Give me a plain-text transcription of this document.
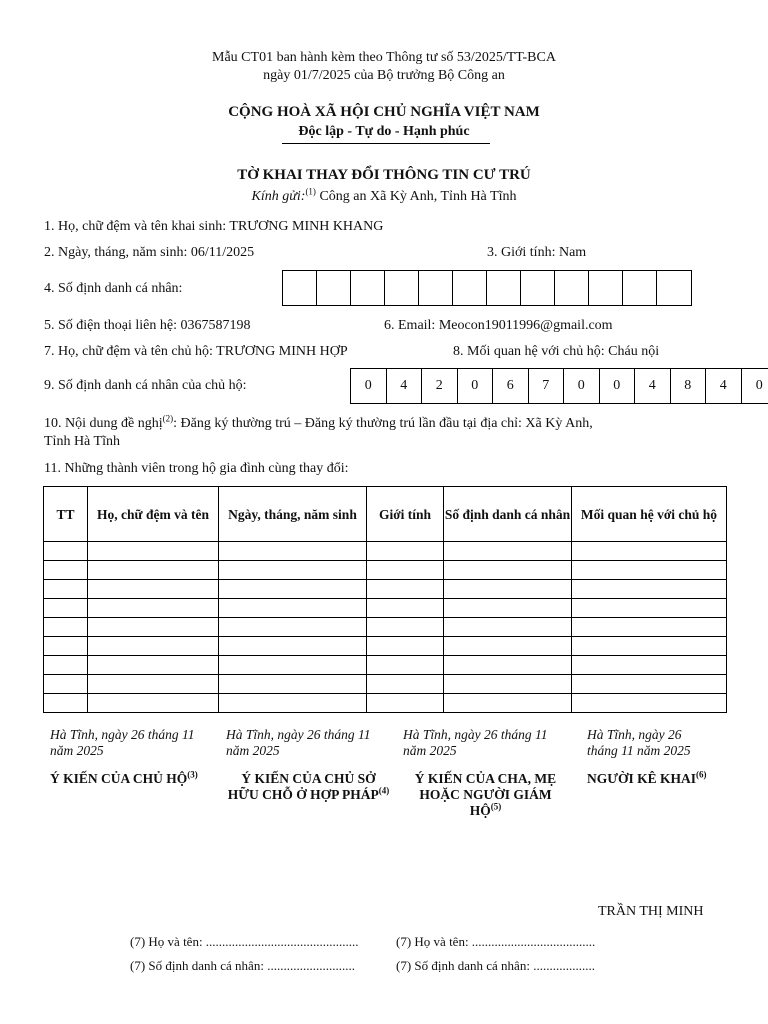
Mẫu CT01 ban hành kèm theo Thông tư số 53/2025/TT-BCA
ngày 01/7/2025 của Bộ trưởng Bộ Công an
CỘNG HOÀ XÃ HỘI CHỦ NGHĨA VIỆT NAM
Độc lập - Tự do - Hạnh phúc
TỜ KHAI THAY ĐỔI THÔNG TIN CƯ TRÚ
Kính gửi:$^{(1)}$ Công an Xã Kỳ Anh, Tỉnh Hà Tĩnh
1. Họ, chữ đệm và tên khai sinh: TRƯƠNG MINH KHANG
2. Ngày, tháng, năm sinh: 06/11/2025	3. Giới tính: Nam
4. Số định danh cá nhân:
5. Số điện thoại liên hệ: 0367587198	6. Email: Meocon19011996@gmail.com
7. Họ, chữ đệm và tên chủ hộ: TRƯƠNG MINH HỢP	8. Mối quan hệ với chủ hộ: Cháu nội
9. Số định danh cá nhân của chủ hộ:	0	4	2	0	6	7	0	0	4	8	4	0
10. Nội dung đề nghị$^{(2)}$: Đăng ký thường trú – Đăng ký thường trú lần đầu tại địa chỉ: Xã Kỳ Anh,
Tỉnh Hà Tĩnh
11. Những thành viên trong hộ gia đình cùng thay đổi:
TT	Họ, chữ đệm và tên	Ngày, tháng, năm sinh	Giới tính	Số định danh cá nhân	Mối quan hệ với chủ hộ

Hà Tĩnh, ngày 26 tháng 11 năm 2025
Ý KIẾN CỦA CHỦ HỘ$^{(3)}$
Hà Tĩnh, ngày 26 tháng 11 năm 2025
Ý KIẾN CỦA CHỦ SỞ HỮU CHỖ Ở HỢP PHÁP$^{(4)}$
Hà Tĩnh, ngày 26 tháng 11 năm 2025
Ý KIẾN CỦA CHA, MẸ HOẶC NGƯỜI GIÁM HỘ$^{(5)}$
Hà Tĩnh, ngày 26 tháng 11 năm 2025
NGƯỜI KÊ KHAI$^{(6)}$
TRẦN THỊ MINH
(7) Họ và tên: ...............................................	(7) Họ và tên: ......................................
(7) Số định danh cá nhân: ...........................	(7) Số định danh cá nhân: ...................
